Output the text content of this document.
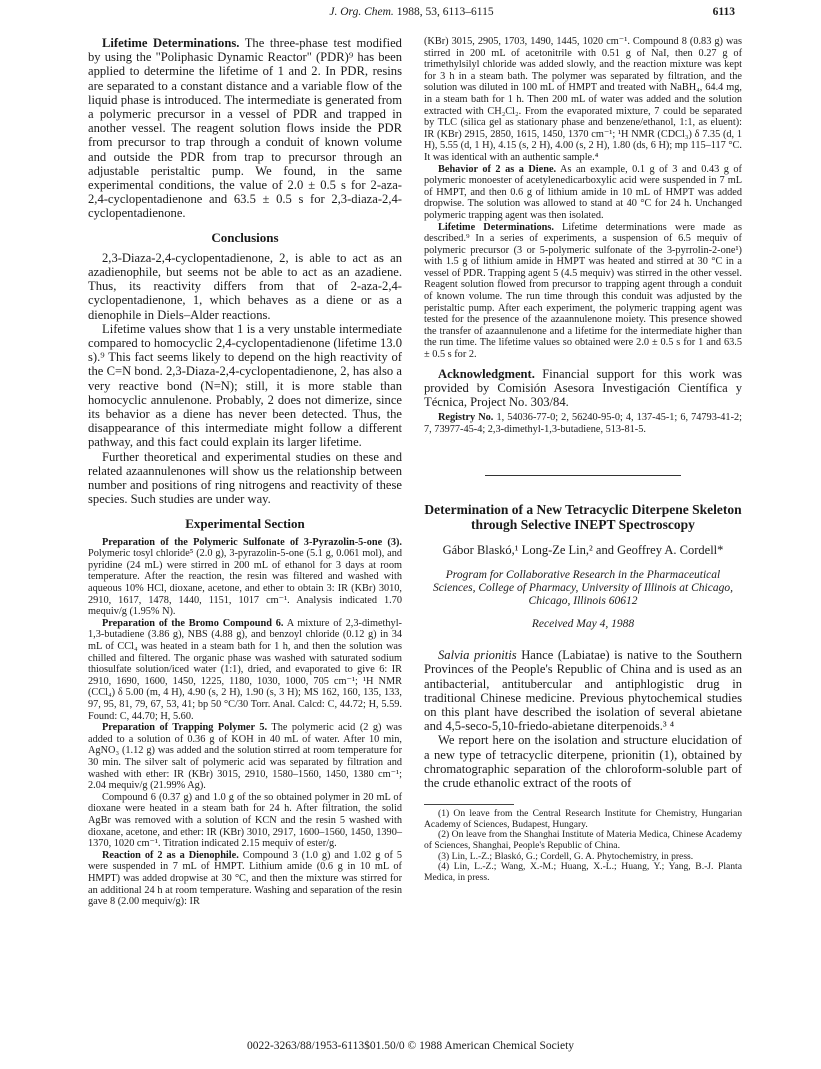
J. Org. Chem. 1988, 53, 6113–6115	6113

Lifetime Determinations. The three-phase test modified by using the "Poliphasic Dynamic Reactor" (PDR)⁹ has been applied to determine the lifetime of 1 and 2. In PDR, resins are separated to a constant distance and a variable flow of the liquid phase is introduced. The intermediate is generated from a polymeric precursor in a vessel of PDR and trapped in another vessel. The reagent solution flows inside the PDR from precursor to trap through a conduit of known volume and outside the PDR from trap to precursor through an adjustable peristaltic pump. We found, in the same experimental conditions, the value of 2.0 ± 0.5 s for 2-aza-2,4-cyclopentadienone and 63.5 ± 0.5 s for 2,3-diaza-2,4-cyclopentadienone.

Conclusions

2,3-Diaza-2,4-cyclopentadienone, 2, is able to act as an azadienophile, but seems not be able to act as an azadiene. Thus, its reactivity differs from that of 2-aza-2,4-cyclopentadienone, 1, which behaves as a diene or as a dienophile in Diels–Alder reactions.

Lifetime values show that 1 is a very unstable intermediate compared to homocyclic 2,4-cyclopentadienone (lifetime 13.0 s).⁹ This fact seems likely to depend on the high reactivity of the C=N bond. 2,3-Diaza-2,4-cyclopentadienone, 2, has also a very reactive bond (N=N); still, it is more stable than homocyclic annulenone. Probably, 2 does not dimerize, since its behavior as a diene has never been detected. Thus, the disappearance of this intermediate might follow a different pathway, and this fact could explain its larger lifetime.

Further theoretical and experimental studies on these and related azaannulenones will show us the relationship between number and positions of ring nitrogens and reactivity of these species. Such studies are under way.

Experimental Section

Preparation of the Polymeric Sulfonate of 3-Pyrazolin-5-one (3). Polymeric tosyl chloride⁵ (2.0 g), 3-pyrazolin-5-one (5.1 g, 0.061 mol), and pyridine (24 mL) were stirred in 200 mL of ethanol for 3 days at room temperature. After the reaction, the resin was filtered and washed with aqueous 10% HCl, dioxane, acetone, and ether to obtain 3: IR (KBr) 3010, 2910, 1617, 1478, 1440, 1151, 1017 cm⁻¹. Analysis indicated 1.70 mequiv/g (1.95% N).

Preparation of the Bromo Compound 6. A mixture of 2,3-dimethyl-1,3-butadiene (3.86 g), NBS (4.88 g), and benzoyl chloride (0.12 g) in 34 mL of CCl₄ was heated in a steam bath for 1 h, and then the solution was chilled and filtered. The organic phase was washed with saturated sodium thiosulfate solution/iced water (1:1), dried, and evaporated to give 6: IR 2910, 1690, 1600, 1450, 1225, 1180, 1030, 1000, 705 cm⁻¹; ¹H NMR (CCl₄) δ 5.00 (m, 4 H), 4.90 (s, 2 H), 1.90 (s, 3 H); MS 162, 160, 135, 133, 97, 95, 81, 79, 67, 53, 41; bp 50 °C/30 Torr. Anal. Calcd: C, 44.72; H, 5.59. Found: C, 44.70; H, 5.60.

Preparation of Trapping Polymer 5. The polymeric acid (2 g) was added to a solution of 0.36 g of KOH in 40 mL of water. After 10 min, AgNO₃ (1.12 g) was added and the solution stirred at room temperature for 30 min. The silver salt of polymeric acid was separated by filtration and washed with ether: IR (KBr) 3015, 2910, 1580–1560, 1450, 1380 cm⁻¹; 2.04 mequiv/g (21.99% Ag).

Compound 6 (0.37 g) and 1.0 g of the so obtained polymer in 20 mL of dioxane were heated in a steam bath for 24 h. After filtration, the solid AgBr was removed with a solution of KCN and the resin 5 washed with dioxane, acetone, and ether: IR (KBr) 3010, 2917, 1600–1560, 1450, 1390–1370, 1020 cm⁻¹. Titration indicated 2.15 mequiv of ester/g.

Reaction of 2 as a Dienophile. Compound 3 (1.0 g) and 1.02 g of 5 were suspended in 7 mL of HMPT. Lithium amide (0.6 g in 10 mL of HMPT) was added dropwise at 30 °C, and then the mixture was stirred for an additional 24 h at room temperature. Washing and separation of the resin gave 8 (2.00 mequiv/g): IR

(KBr) 3015, 2905, 1703, 1490, 1445, 1020 cm⁻¹. Compound 8 (0.83 g) was stirred in 200 mL of acetonitrile with 0.51 g of NaI, then 0.27 g of trimethylsilyl chloride was added slowly, and the reaction mixture was kept for 3 h in a steam bath. The polymer was separated by filtration, and the solution was diluted in 100 mL of HMPT and treated with NaBH₄, 64.4 mg, in a steam bath for 1 h. Then 200 mL of water was added and the solution extracted with CH₂Cl₂. From the evaporated mixture, 7 could be separated by TLC (silica gel as stationary phase and benzene/ethanol, 1:1, as eluent): IR (KBr) 2915, 2850, 1615, 1450, 1370 cm⁻¹; ¹H NMR (CDCl₃) δ 7.35 (d, 1 H), 5.55 (d, 1 H), 4.15 (s, 2 H), 4.00 (s, 2 H), 1.80 (ds, 6 H); mp 115–117 °C. It was identical with an authentic sample.⁴

Behavior of 2 as a Diene. As an example, 0.1 g of 3 and 0.43 g of polymeric monoester of acetylenedicarboxylic acid were suspended in 7 mL of HMPT, and then 0.6 g of lithium amide in 10 mL of HMPT was added dropwise. The solution was allowed to stand at 40 °C for 24 h. Unchanged polymeric trapping agent was then isolated.

Lifetime Determinations. Lifetime determinations were made as described.⁹ In a series of experiments, a suspension of 6.5 mequiv of polymeric precursor (3 or 5-polymeric sulfonate of the 3-pyrrolin-2-one¹) with 1.5 g of lithium amide in HMPT was heated and stirred at 30 °C in a vessel of PDR. Trapping agent 5 (4.5 mequiv) was stirred in the other vessel. Reagent solution flowed from precursor to trapping agent through a conduit of known volume. The run time through this conduit was adjusted by the peristaltic pump. After each experiment, the polymeric trapping agent was tested for the presence of the azaannulenone moiety. This presence showed the transfer of azaannulenone and a lifetime for the intermediate higher than the run time. The lifetime values so obtained were 2.0 ± 0.5 s for 1 and 63.5 ± 0.5 s for 2.

Acknowledgment. Financial support for this work was provided by Comisión Asesora Investigación Científica y Técnica, Project No. 303/84.

Registry No. 1, 54036-77-0; 2, 56240-95-0; 4, 137-45-1; 6, 74793-41-2; 7, 73977-45-4; 2,3-dimethyl-1,3-butadiene, 513-81-5.

Determination of a New Tetracyclic Diterpene Skeleton through Selective INEPT Spectroscopy
Gábor Blaskó,¹ Long-Ze Lin,² and Geoffrey A. Cordell*
Program for Collaborative Research in the Pharmaceutical Sciences, College of Pharmacy, University of Illinois at Chicago, Chicago, Illinois 60612
Received May 4, 1988

Salvia prionitis Hance (Labiatae) is native to the Southern Provinces of the People's Republic of China and is used as an antibacterial, antitubercular and antiphlogistic drug in traditional Chinese medicine. Previous phytochemical studies on this plant have described the isolation of several abietane and 4,5-seco-5,10-friedo-abietane diterpenoids.³ ⁴

We report here on the isolation and structure elucidation of a new type of tetracyclic diterpene, prionitin (1), obtained by chromatographic separation of the chloroform-soluble part of the crude ethanolic extract of the roots of

(1) On leave from the Central Research Institute for Chemistry, Hungarian Academy of Sciences, Budapest, Hungary.

(2) On leave from the Shanghai Institute of Materia Medica, Chinese Academy of Sciences, Shanghai, People's Republic of China.

(3) Lin, L.-Z.; Blaskó, G.; Cordell, G. A. Phytochemistry, in press.

(4) Lin, L.-Z.; Wang, X.-M.; Huang, X.-L.; Huang, Y.; Yang, B.-J. Planta Medica, in press.

0022-3263/88/1953-6113$01.50/0 © 1988 American Chemical Society
